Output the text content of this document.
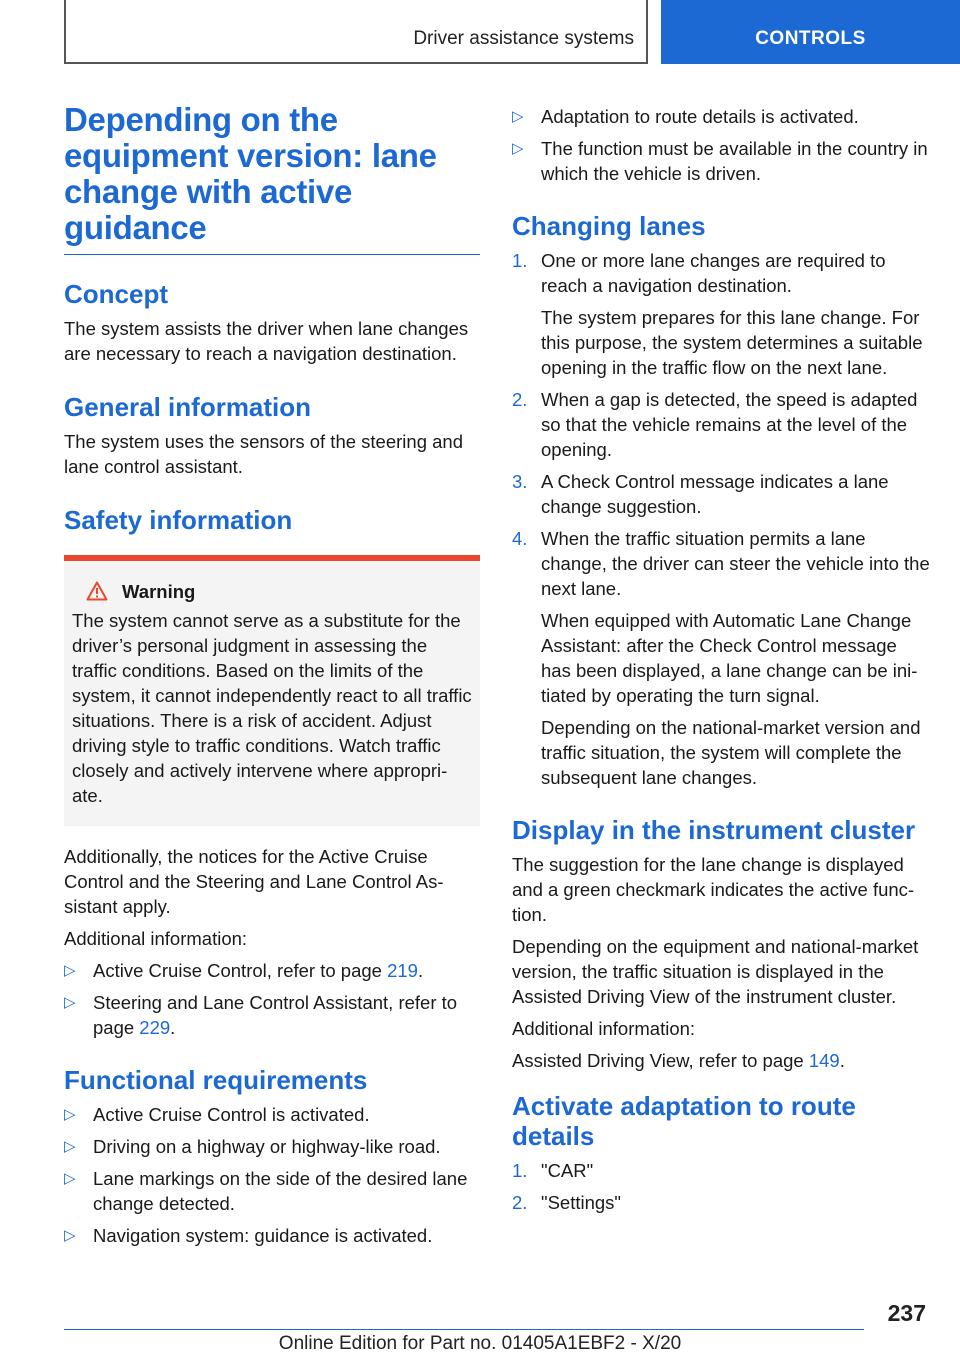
Driver assistance systems	CONTROLS
Depending on the equipment version: lane change with active guidance
Concept

The system assists the driver when lane changes are necessary to reach a navigation destination.

General information

The system uses the sensors of the steering and lane control assistant.

Safety information
Warning

The system cannot serve as a substitute for the driver’s personal judgment in assessing the traffic conditions. Based on the limits of the system, it cannot independently react to all traffic situations. There is a risk of accident. Adjust driving style to traffic conditions. Watch traffic closely and actively intervene where appropriate.

Additionally, the notices for the Active Cruise Control and the Steering and Lane Control Assistant apply.

Additional information:

▷ Active Cruise Control, refer to page 219.
▷ Steering and Lane Control Assistant, refer to page 229.
Functional requirements
▷ Active Cruise Control is activated.
▷ Driving on a highway or highway-like road.
▷ Lane markings on the side of the desired lane change detected.
▷ Navigation system: guidance is activated.
▷ Adaptation to route details is activated.
▷ The function must be available in the country in which the vehicle is driven.
Changing lanes
1. One or more lane changes are required to reach a navigation destination.

The system prepares for this lane change. For this purpose, the system determines a suitable opening in the traffic flow on the next lane.

2. When a gap is detected, the speed is adapted so that the vehicle remains at the level of the opening.

3. A Check Control message indicates a lane change suggestion.

4. When the traffic situation permits a lane change, the driver can steer the vehicle into the next lane.

When equipped with Automatic Lane Change Assistant: after the Check Control message has been displayed, a lane change can be initiated by operating the turn signal.

Depending on the national-market version and traffic situation, the system will complete the subsequent lane changes.

Display in the instrument cluster

The suggestion for the lane change is displayed and a green checkmark indicates the active function.

Depending on the equipment and national-market version, the traffic situation is displayed in the Assisted Driving View of the instrument cluster.

Additional information:

Assisted Driving View, refer to page 149.

Activate adaptation to route details
1. "CAR"
2. "Settings"
237
Online Edition for Part no. 01405A1EBF2 - X/20
